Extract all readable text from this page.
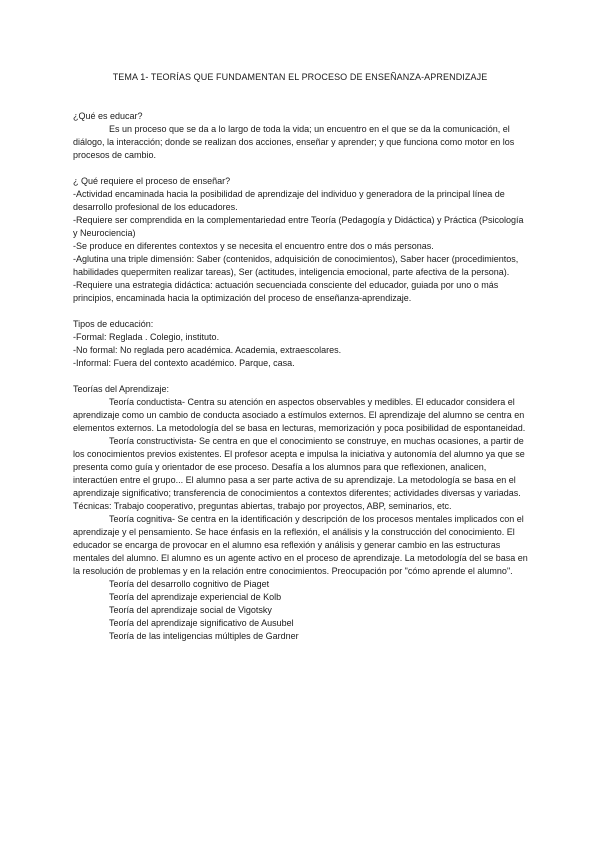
TEMA 1- TEORÍAS QUE FUNDAMENTAN EL PROCESO DE ENSEÑANZA-APRENDIZAJE

¿Qué es educar?

Es un proceso que se da a lo largo de toda la vida; un encuentro en el que se da la comunicación, el diálogo, la interacción; donde se realizan dos acciones, enseñar y aprender; y que funciona como motor en los procesos de cambio.

¿ Qué requiere el proceso de enseñar?

-Actividad encaminada hacia la posibilidad de aprendizaje del individuo y generadora de la principal línea de desarrollo profesional de los educadores.

-Requiere ser comprendida en la complementariedad entre Teoría (Pedagogía y Didáctica) y Práctica (Psicología y Neurociencia)

-Se produce en diferentes contextos y se necesita el encuentro entre dos o más personas.

-Aglutina una triple dimensión: Saber (contenidos, adquisición de conocimientos), Saber hacer (procedimientos, habilidades quepermiten realizar tareas), Ser (actitudes, inteligencia emocional, parte afectiva de la persona).

-Requiere una estrategia didáctica: actuación secuenciada consciente del educador, guiada por uno o más principios, encaminada hacia la optimización del proceso de enseñanza-aprendizaje.

Tipos de educación:

-Formal: Reglada . Colegio, instituto.

-No formal: No reglada pero académica. Academia, extraescolares.

-Informal: Fuera del contexto académico. Parque, casa.

Teorías del Aprendizaje:

Teoría conductista- Centra su atención en aspectos observables y medibles. El educador considera el aprendizaje como un cambio de conducta asociado a estímulos externos. El aprendizaje del alumno se centra en elementos externos. La metodología del se basa en lecturas, memorización y poca posibilidad de espontaneidad.

Teoría constructivista- Se centra en que el conocimiento se construye, en muchas ocasiones, a partir de los conocimientos previos existentes. El profesor acepta e impulsa la iniciativa y autonomía del alumno ya que se presenta como guía y orientador de ese proceso. Desafía a los alumnos para que reflexionen, analicen, interactúen entre el grupo... El alumno pasa a ser parte activa de su aprendizaje. La metodología se basa en el aprendizaje significativo; transferencia de conocimientos a contextos diferentes; actividades diversas y variadas. Técnicas: Trabajo cooperativo, preguntas abiertas, trabajo por proyectos, ABP, seminarios, etc.

Teoría cognitiva- Se centra en la identificación y descripción de los procesos mentales implicados con el aprendizaje y el pensamiento. Se hace énfasis en la reflexión, el análisis y la construcción del conocimiento. El educador se encarga de provocar en el alumno esa reflexión y análisis y generar cambio en las estructuras mentales del alumno. El alumno es un agente activo en el proceso de aprendizaje. La metodología del se basa en la resolución de problemas y en la relación entre conocimientos. Preocupación por "cómo aprende el alumno".

Teoría del desarrollo cognitivo de Piaget

Teoría del aprendizaje experiencial de Kolb

Teoría del aprendizaje social de Vigotsky

Teoría del aprendizaje significativo de Ausubel

Teoría de las inteligencias múltiples de Gardner
